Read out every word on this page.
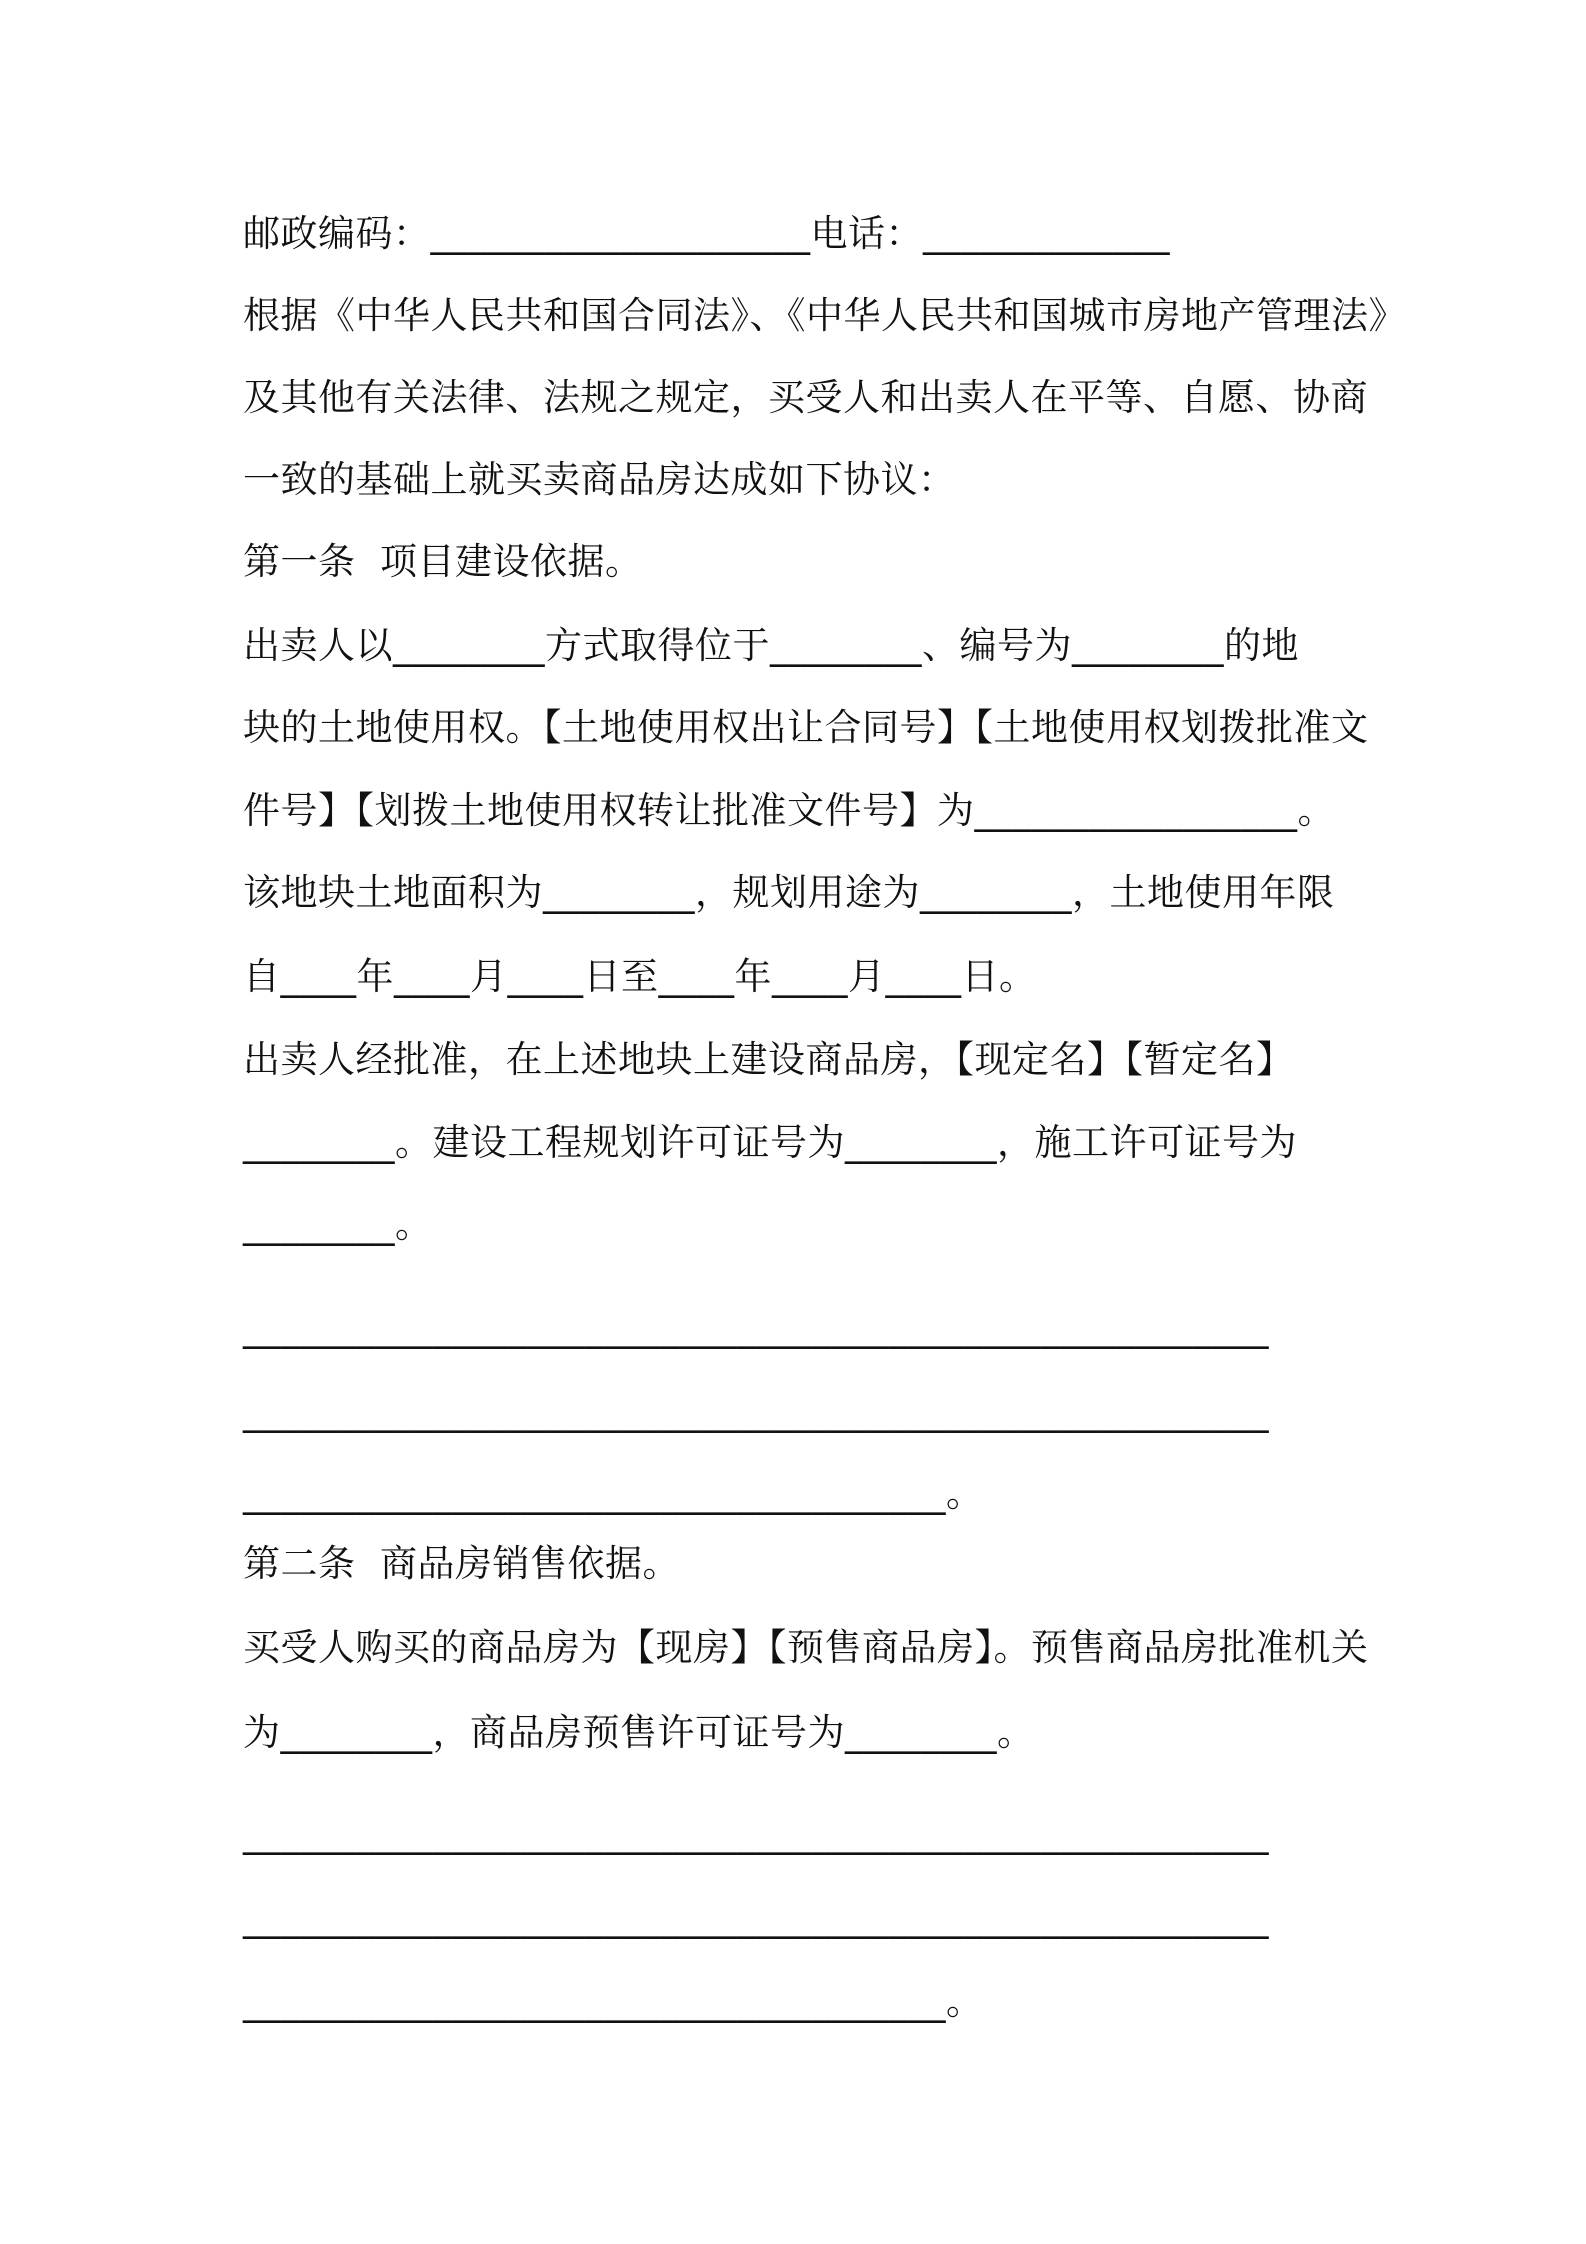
邮政编码：____________________电话：_____________
根据《中华人民共和国合同法》、《中华人民共和国城市房地产管理法》
及其他有关法律、法规之规定，买受人和出卖人在平等、自愿、协商
一致的基础上就买卖商品房达成如下协议：
第一条  项目建设依据。
出卖人以________方式取得位于________、编号为________的地
块的土地使用权。【土地使用权出让合同号】【土地使用权划拨批准文
件号】【划拨土地使用权转让批准文件号】为_________________。
该地块土地面积为________，规划用途为________，土地使用年限
自____年____月____日至____年____月____日。
出卖人经批准，在上述地块上建设商品房，【现定名】【暂定名】
________。建设工程规划许可证号为________，施工许可证号为
________。
______________________________________________________
______________________________________________________
_____________________________________。
第二条  商品房销售依据。
买受人购买的商品房为【现房】【预售商品房】。预售商品房批准机关
为________，商品房预售许可证号为________。
______________________________________________________
______________________________________________________
_____________________________________。
